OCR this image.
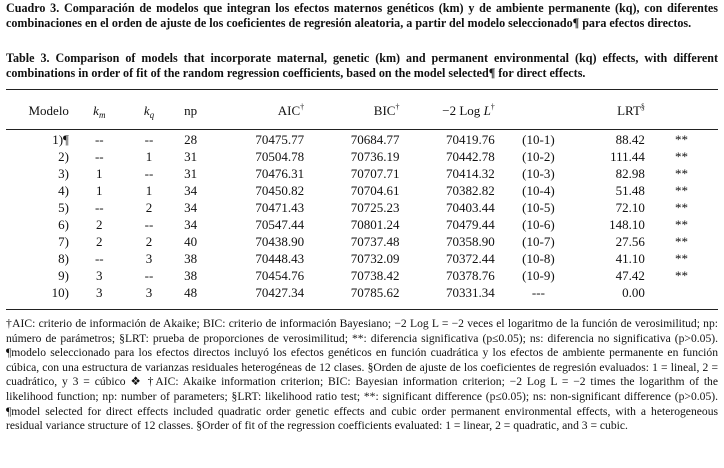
Cuadro 3. Comparación de modelos que integran los efectos maternos genéticos (km) y de ambiente permanente (kq), con diferentes combinaciones en el orden de ajuste de los coeficientes de regresión aleatoria, a partir del modelo seleccionado¶ para efectos directos.
Table 3. Comparison of models that incorporate maternal, genetic (km) and permanent environmental (kq) effects, with different combinations in order of fit of the random regression coefficients, based on the model selected¶ for direct effects.
Modelo	$k_m$	$k_q$	np	AIC†	BIC†	−2 Log L†		LRT§	
1)¶	--	--	28	70475.77	70684.77	70419.76	(10-1)	88.42	**
2)	--	1	31	70504.78	70736.19	70442.78	(10-2)	111.44	**
3)	1	--	31	70476.31	70707.71	70414.32	(10-3)	82.98	**
4)	1	1	34	70450.82	70704.61	70382.82	(10-4)	51.48	**
5)	--	2	34	70471.43	70725.23	70403.44	(10-5)	72.10	**
6)	2	--	34	70547.44	70801.24	70479.44	(10-6)	148.10	**
7)	2	2	40	70438.90	70737.48	70358.90	(10-7)	27.56	**
8)	--	3	38	70448.43	70732.09	70372.44	(10-8)	41.10	**
9)	3	--	38	70454.76	70738.42	70378.76	(10-9)	47.42	**
10)	3	3	48	70427.34	70785.62	70331.34	---	0.00	

†AIC: criterio de información de Akaike; BIC: criterio de información Bayesiano; −2 Log L = −2 veces el logaritmo de la función de verosimilitud; np: número de parámetros; §LRT: prueba de proporciones de verosimilitud; **: diferencia significativa (p≤0.05); ns: diferencia no significativa (p>0.05). ¶modelo seleccionado para los efectos directos incluyó los efectos genéticos en función cuadrática y los efectos de ambiente permanente en función cúbica, con una estructura de varianzas residuales heterogéneas de 12 clases. §Orden de ajuste de los coeficientes de regresión evaluados: 1 = lineal, 2 = cuadrático, y 3 = cúbico ❖ †AIC: Akaike information criterion; BIC: Bayesian information criterion; −2 Log L = −2 times the logarithm of the likelihood function; np: number of parameters; §LRT: likelihood ratio test; **: significant difference (p≤0.05); ns: non-significant difference (p>0.05). ¶model selected for direct effects included quadratic order genetic effects and cubic order permanent environmental effects, with a heterogeneous residual variance structure of 12 classes. §Order of fit of the regression coefficients evaluated: 1 = linear, 2 = quadratic, and 3 = cubic.
